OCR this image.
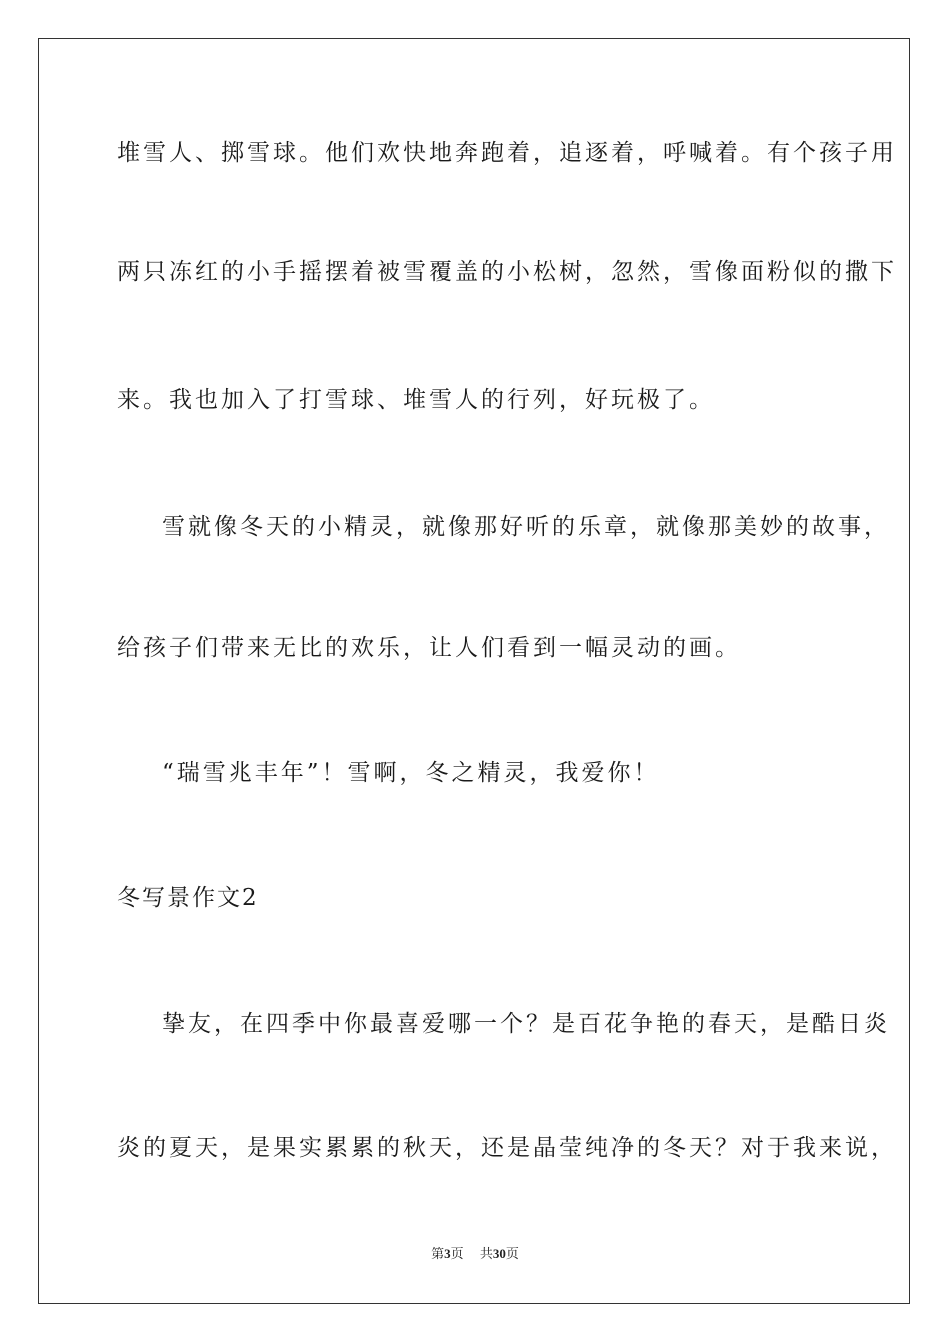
堆雪人、掷雪球。他们欢快地奔跑着，追逐着，呼喊着。有个孩子用
两只冻红的小手摇摆着被雪覆盖的小松树，忽然，雪像面粉似的撒下
来。我也加入了打雪球、堆雪人的行列，好玩极了。
雪就像冬天的小精灵，就像那好听的乐章，就像那美妙的故事，
给孩子们带来无比的欢乐，让人们看到一幅灵动的画。
“瑞雪兆丰年”！雪啊，冬之精灵，我爱你！
冬写景作文2
挚友，在四季中你最喜爱哪一个？是百花争艳的春天，是酷日炎
炎的夏天，是果实累累的秋天，还是晶莹纯净的冬天？对于我来说，
第3页 共30页
